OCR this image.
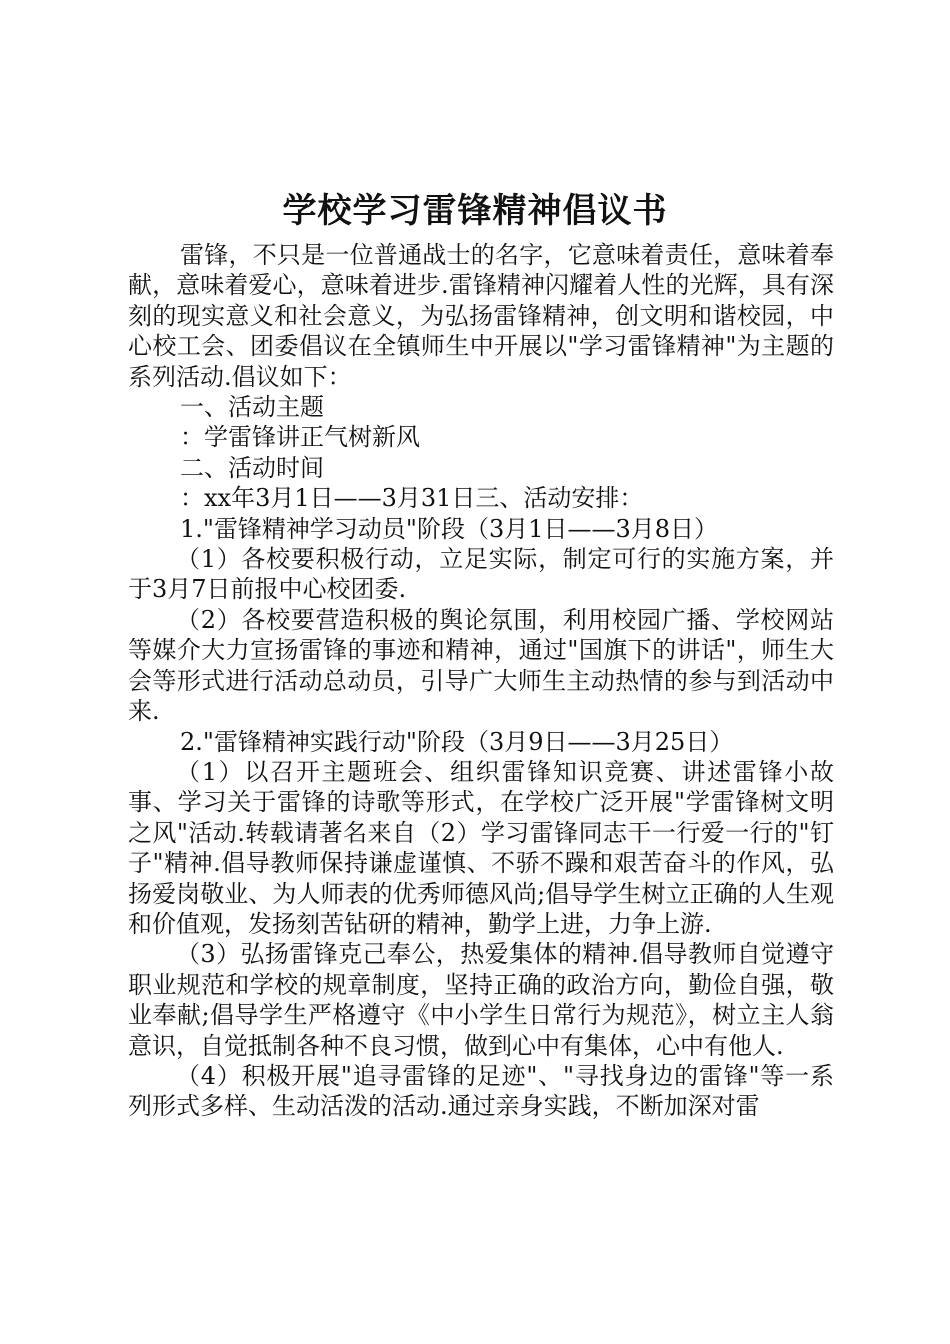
学校学习雷锋精神倡议书

雷锋，不只是一位普通战士的名字，它意味着责任，意味着奉献，意味着爱心，意味着进步.雷锋精神闪耀着人性的光辉，具有深刻的现实意义和社会意义，为弘扬雷锋精神，创文明和谐校园，中心校工会、团委倡议在全镇师生中开展以"学习雷锋精神"为主题的系列活动.倡议如下：

一、活动主题

：学雷锋讲正气树新风

二、活动时间

：xx年3月1日——3月31日三、活动安排：

1."雷锋精神学习动员"阶段（3月1日——3月8日）

（1）各校要积极行动，立足实际，制定可行的实施方案，并于3月7日前报中心校团委.

（2）各校要营造积极的舆论氛围，利用校园广播、学校网站等媒介大力宣扬雷锋的事迹和精神，通过"国旗下的讲话"，师生大会等形式进行活动总动员，引导广大师生主动热情的参与到活动中来.

2."雷锋精神实践行动"阶段（3月9日——3月25日）

（1）以召开主题班会、组织雷锋知识竞赛、讲述雷锋小故事、学习关于雷锋的诗歌等形式，在学校广泛开展"学雷锋树文明之风"活动.转载请著名来自（2）学习雷锋同志干一行爱一行的"钉子"精神.倡导教师保持谦虚谨慎、不骄不躁和艰苦奋斗的作风，弘扬爱岗敬业、为人师表的优秀师德风尚;倡导学生树立正确的人生观和价值观，发扬刻苦钻研的精神，勤学上进，力争上游.

（3）弘扬雷锋克己奉公，热爱集体的精神.倡导教师自觉遵守职业规范和学校的规章制度，坚持正确的政治方向，勤俭自强，敬业奉献;倡导学生严格遵守《中小学生日常行为规范》，树立主人翁意识，自觉抵制各种不良习惯，做到心中有集体，心中有他人.

（4）积极开展"追寻雷锋的足迹"、"寻找身边的雷锋"等一系列形式多样、生动活泼的活动.通过亲身实践，不断加深对雷
